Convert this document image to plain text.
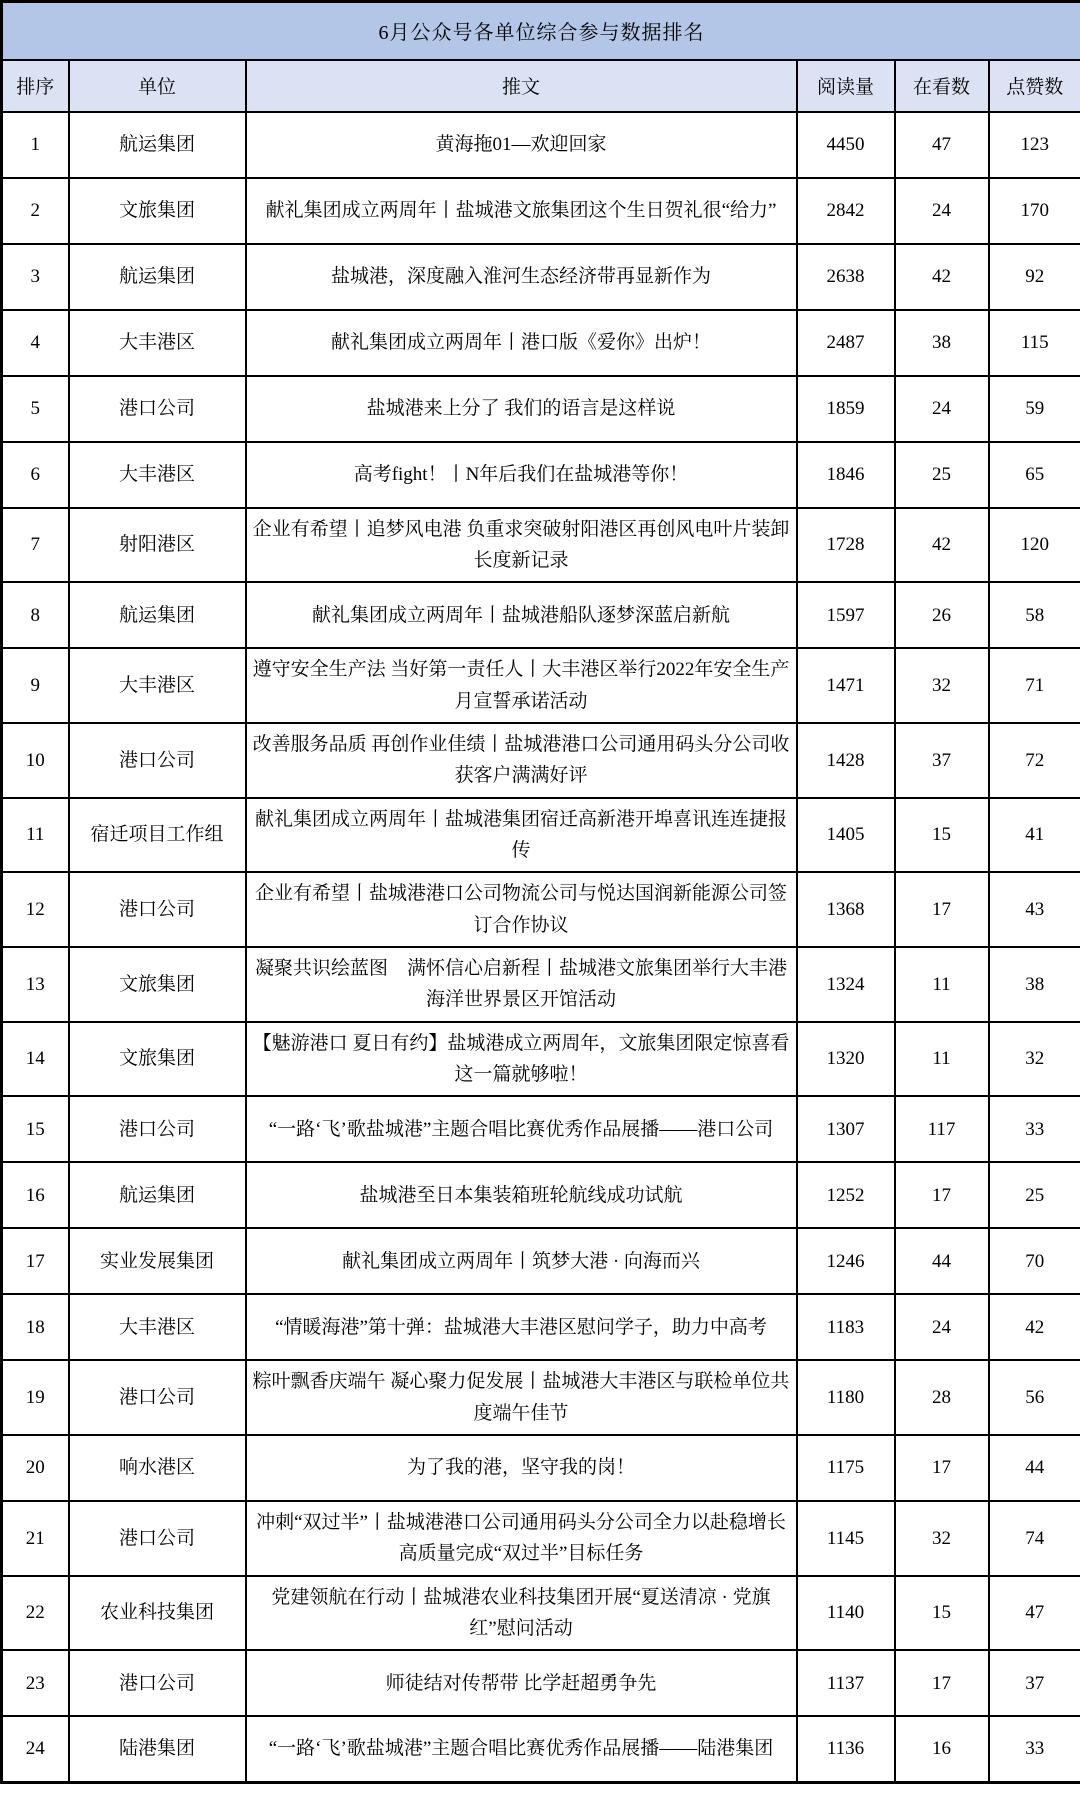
6月公众号各单位综合参与数据排名					
排序	单位	推文	阅读量	在看数	点赞数
1	航运集团	黄海拖01—欢迎回家	4450	47	123
2	文旅集团	献礼集团成立两周年丨盐城港文旅集团这个生日贺礼很“给力”	2842	24	170
3	航运集团	盐城港，深度融入淮河生态经济带再显新作为	2638	42	92
4	大丰港区	献礼集团成立两周年丨港口版《爱你》出炉！	2487	38	115
5	港口公司	盐城港来上分了 我们的语言是这样说	1859	24	59
6	大丰港区	高考fight！丨N年后我们在盐城港等你！	1846	25	65
7	射阳港区	企业有希望丨追梦风电港 负重求突破射阳港区再创风电叶片装卸长度新记录	1728	42	120
8	航运集团	献礼集团成立两周年丨盐城港船队逐梦深蓝启新航	1597	26	58
9	大丰港区	遵守安全生产法 当好第一责任人丨大丰港区举行2022年安全生产月宣誓承诺活动	1471	32	71
10	港口公司	改善服务品质 再创作业佳绩丨盐城港港口公司通用码头分公司收获客户满满好评	1428	37	72
11	宿迁项目工作组	献礼集团成立两周年丨盐城港集团宿迁高新港开埠喜讯连连捷报传	1405	15	41
12	港口公司	企业有希望丨盐城港港口公司物流公司与悦达国润新能源公司签订合作协议	1368	17	43
13	文旅集团	凝聚共识绘蓝图　满怀信心启新程丨盐城港文旅集团举行大丰港海洋世界景区开馆活动	1324	11	38
14	文旅集团	【魅游港口 夏日有约】盐城港成立两周年，文旅集团限定惊喜看这一篇就够啦！	1320	11	32
15	港口公司	“一路‘飞’歌盐城港”主题合唱比赛优秀作品展播——港口公司	1307	117	33
16	航运集团	盐城港至日本集装箱班轮航线成功试航	1252	17	25
17	实业发展集团	献礼集团成立两周年丨筑梦大港 · 向海而兴	1246	44	70
18	大丰港区	“情暖海港”第十弹：盐城港大丰港区慰问学子，助力中高考	1183	24	42
19	港口公司	粽叶飘香庆端午 凝心聚力促发展丨盐城港大丰港区与联检单位共度端午佳节	1180	28	56
20	响水港区	为了我的港，坚守我的岗！	1175	17	44
21	港口公司	冲刺“双过半”丨盐城港港口公司通用码头分公司全力以赴稳增长 高质量完成“双过半”目标任务	1145	32	74
22	农业科技集团	党建领航在行动丨盐城港农业科技集团开展“夏送清凉 · 党旗红”慰问活动	1140	15	47
23	港口公司	师徒结对传帮带 比学赶超勇争先	1137	17	37
24	陆港集团	“一路‘飞’歌盐城港”主题合唱比赛优秀作品展播——陆港集团	1136	16	33
